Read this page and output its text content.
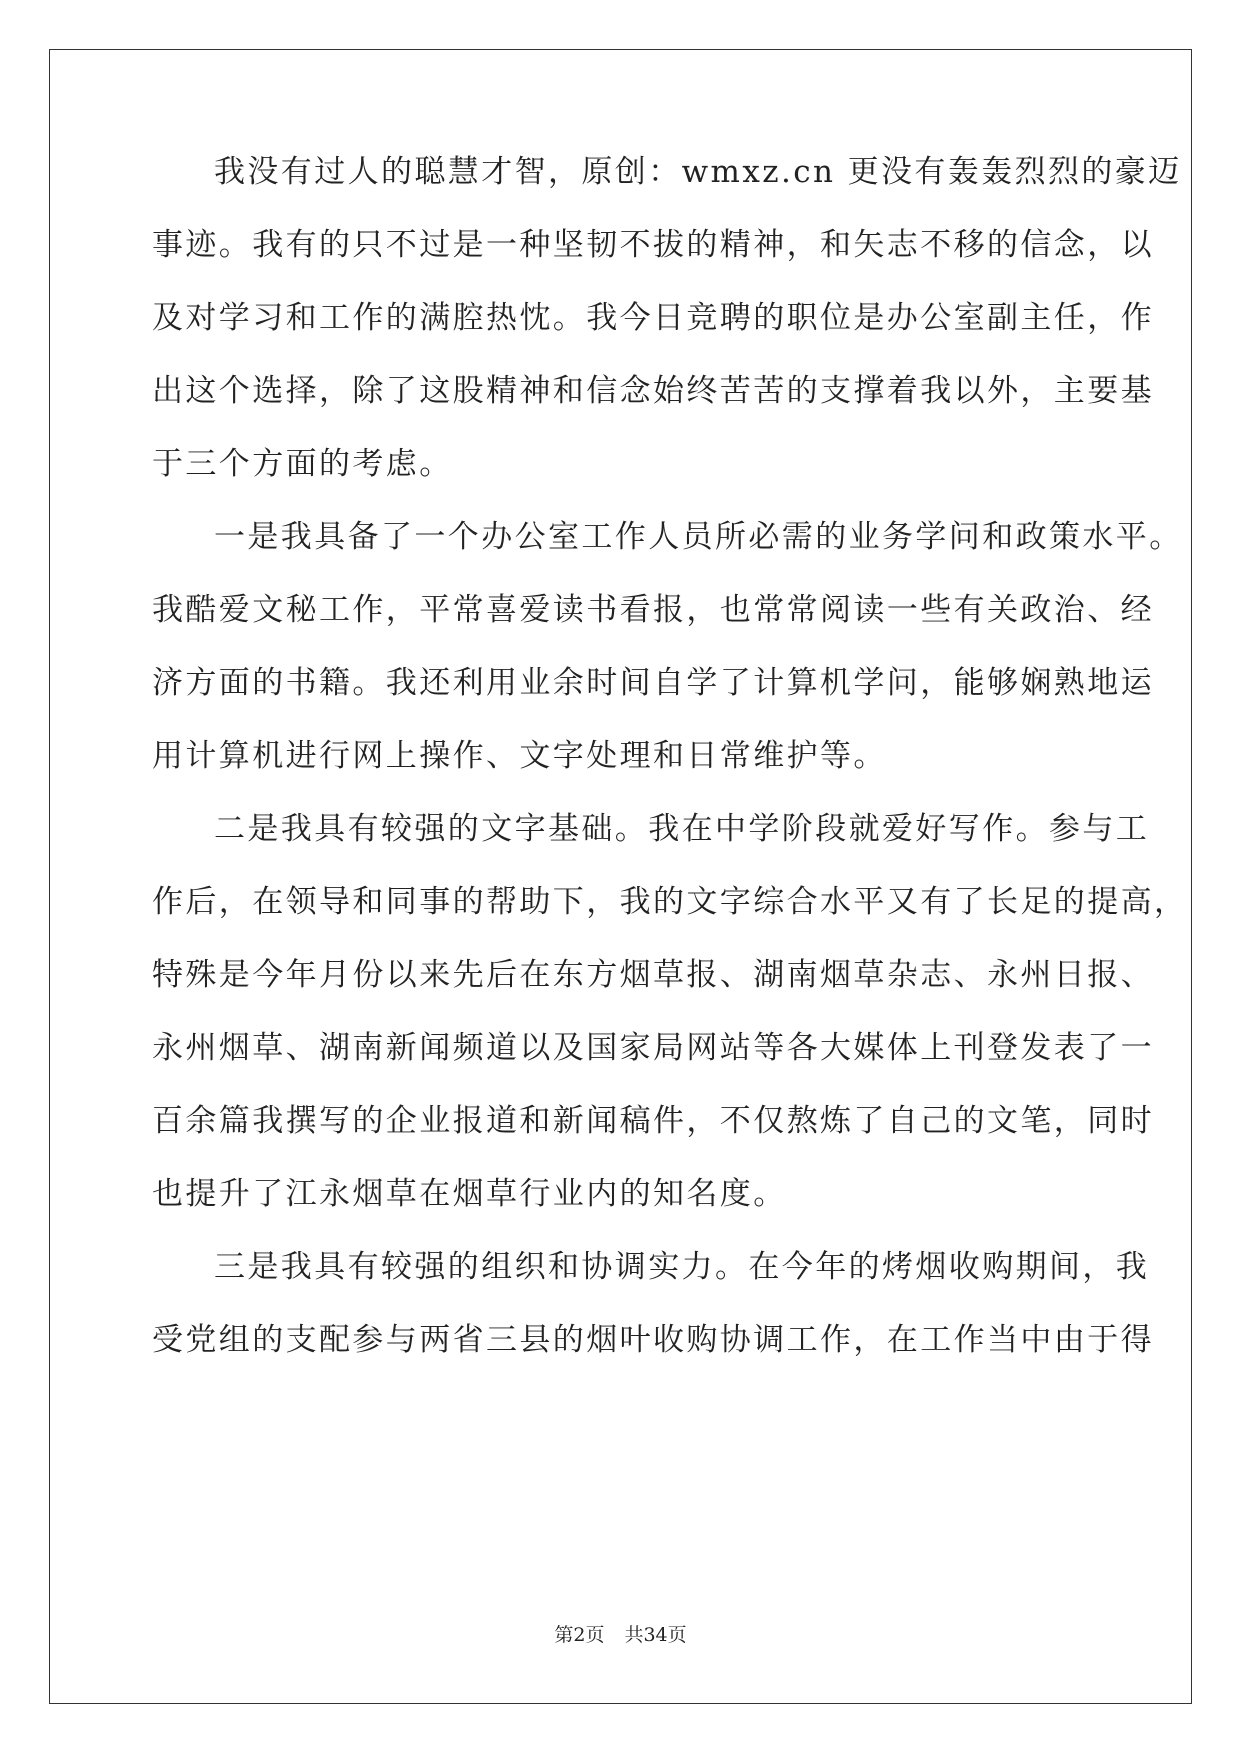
我没有过人的聪慧才智，原创：wmxz.cn 更没有轰轰烈烈的豪迈
事迹。我有的只不过是一种坚韧不拔的精神，和矢志不移的信念，以
及对学习和工作的满腔热忱。我今日竞聘的职位是办公室副主任，作
出这个选择，除了这股精神和信念始终苦苦的支撑着我以外，主要基
于三个方面的考虑。
一是我具备了一个办公室工作人员所必需的业务学问和政策水平。
我酷爱文秘工作，平常喜爱读书看报，也常常阅读一些有关政治、经
济方面的书籍。我还利用业余时间自学了计算机学问，能够娴熟地运
用计算机进行网上操作、文字处理和日常维护等。
二是我具有较强的文字基础。我在中学阶段就爱好写作。参与工
作后，在领导和同事的帮助下，我的文字综合水平又有了长足的提高，
特殊是今年月份以来先后在东方烟草报、湖南烟草杂志、永州日报、
永州烟草、湖南新闻频道以及国家局网站等各大媒体上刊登发表了一
百余篇我撰写的企业报道和新闻稿件，不仅熬炼了自己的文笔，同时
也提升了江永烟草在烟草行业内的知名度。
三是我具有较强的组织和协调实力。在今年的烤烟收购期间，我
受党组的支配参与两省三县的烟叶收购协调工作，在工作当中由于得
第2页 共34页
